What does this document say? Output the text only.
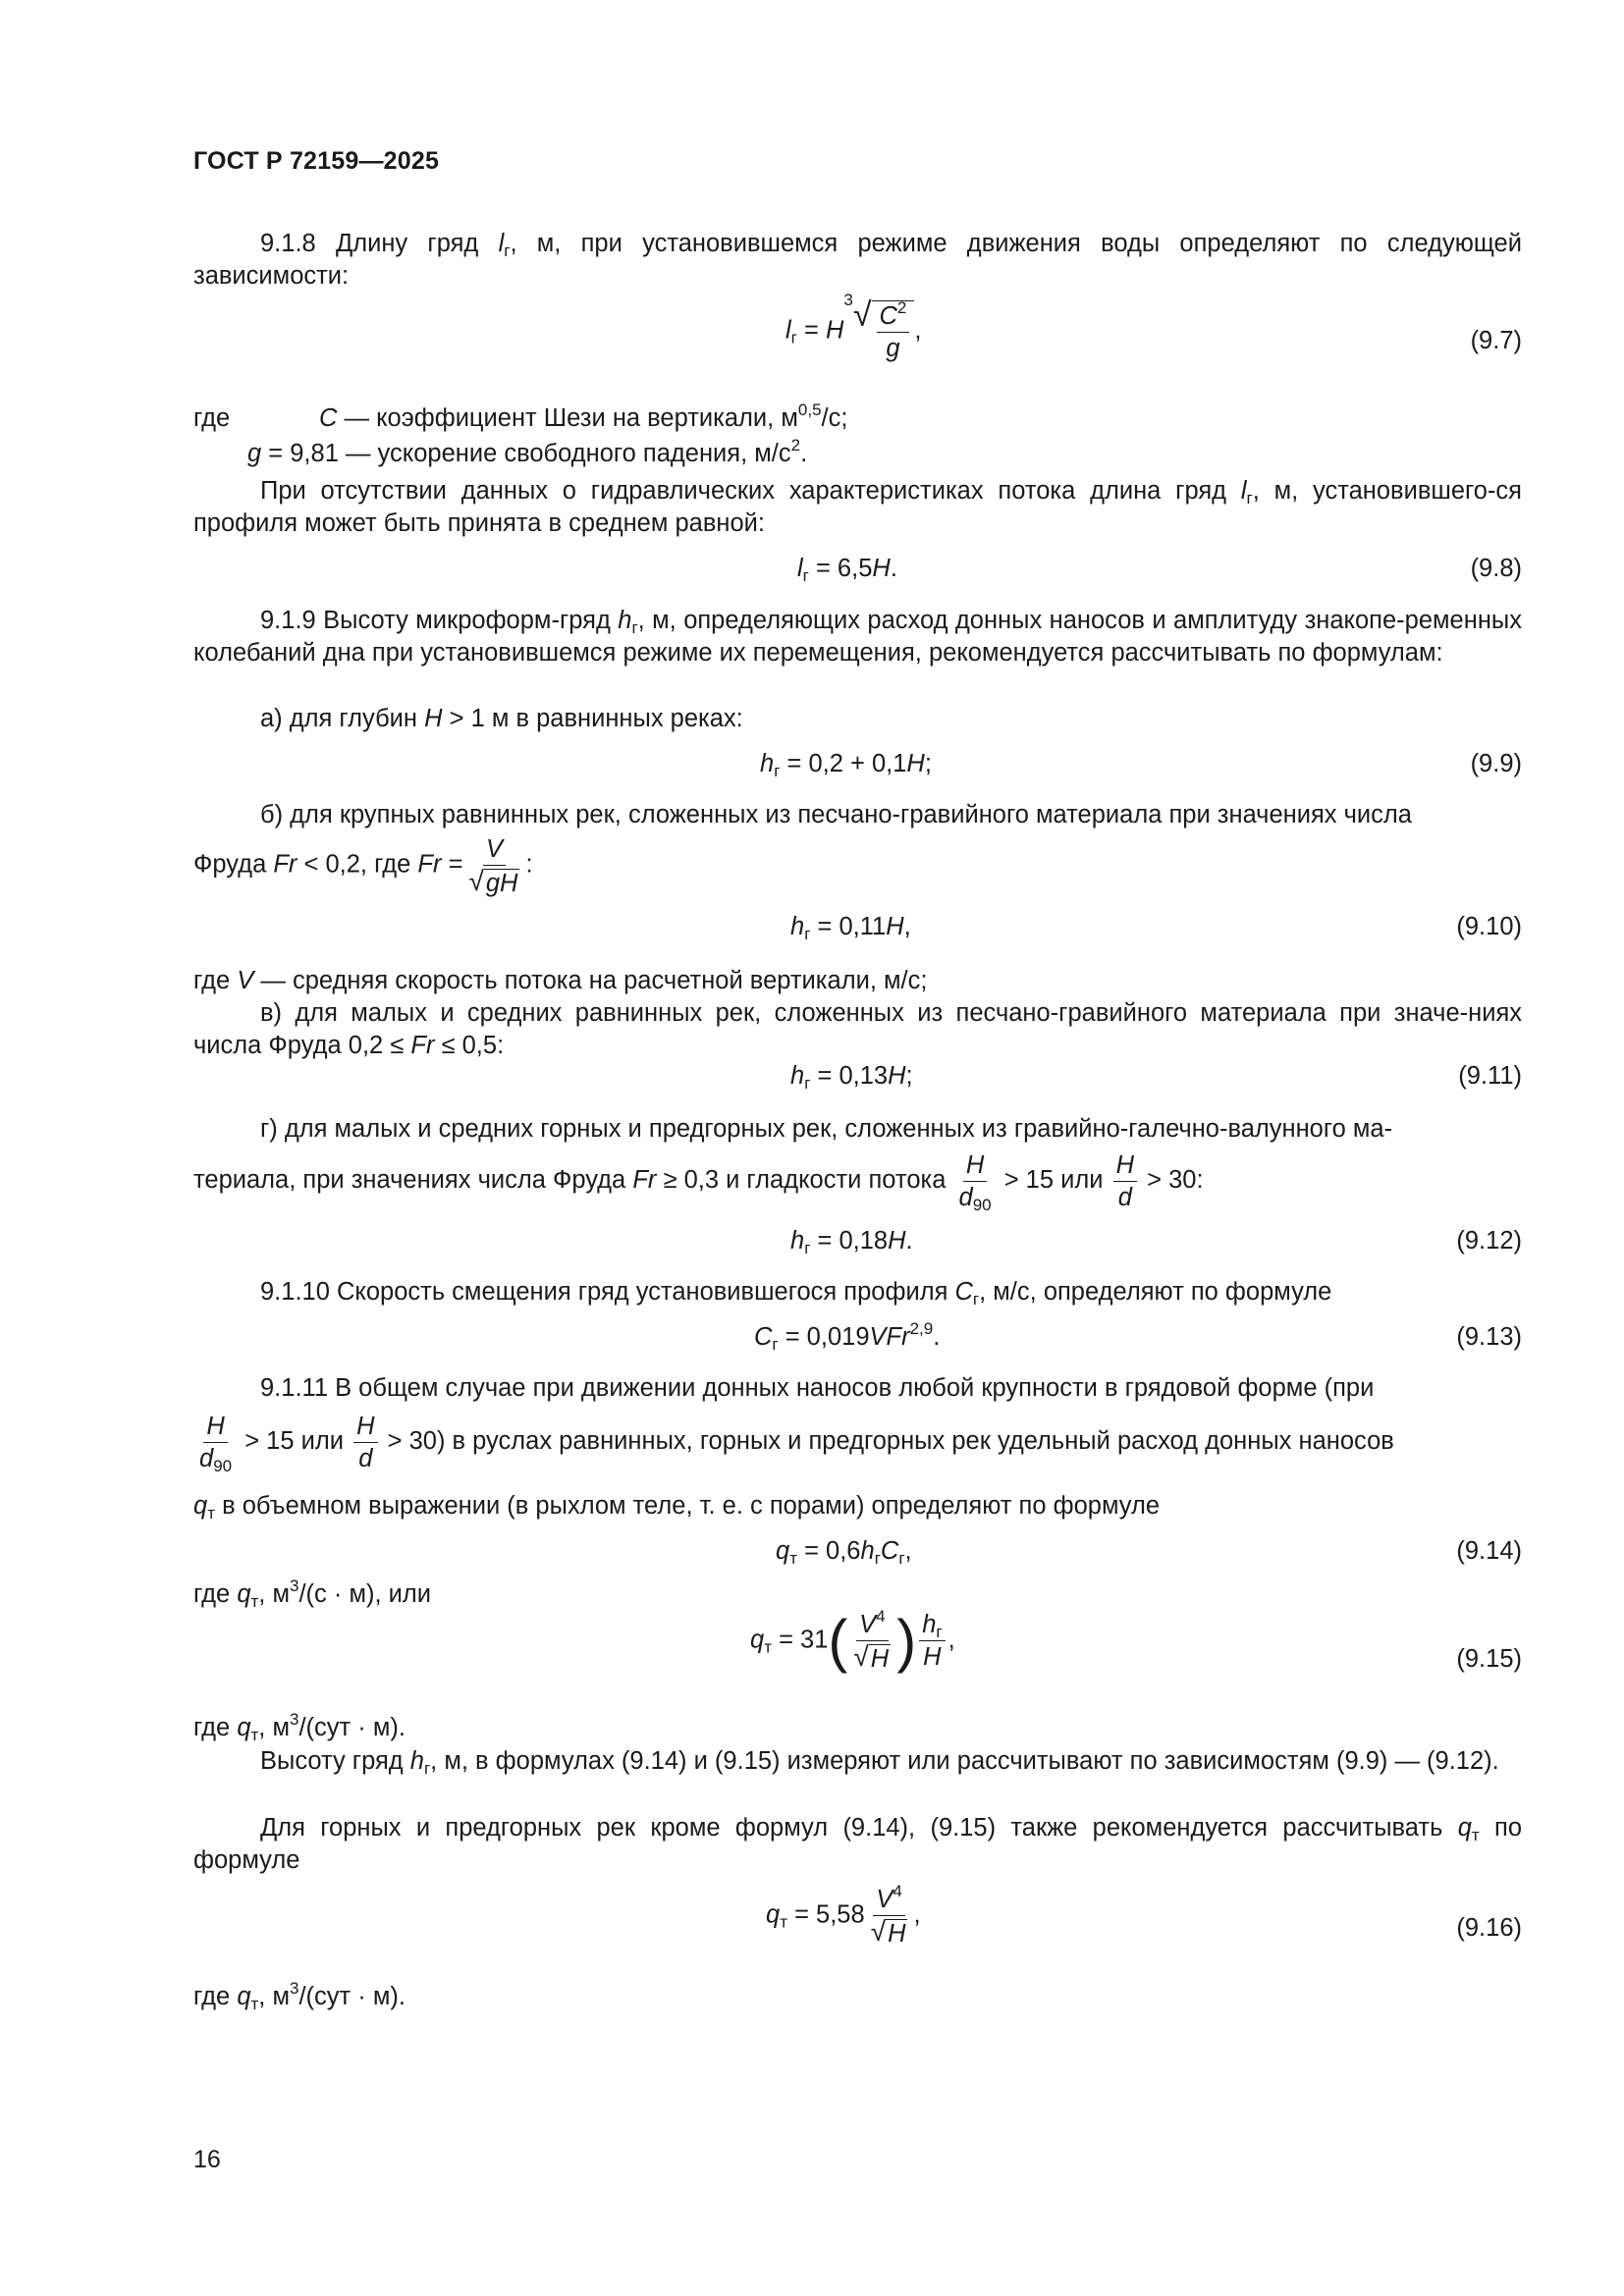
ГОСТ Р 72159—2025
9.1.8 Длину гряд $l_г$, м, при установившемся режиме движения воды определяют по следующей зависимости:
$l_г = H$
3 √ $\frac{C^2}{g}$ ,	(9.7)
где	C — коэффициент Шези на вертикали, $м^{0,5}/с$;
g = 9,81 — ускорение свободного падения, $м/с^2$.
При отсутствии данных о гидравлических характеристиках потока длина гряд $l_г$, м, установившего-ся профиля может быть принята в среднем равной:
$l_г = 6,5H$.	(9.8)
9.1.9 Высоту микроформ-гряд $h_г$, м, определяющих расход донных наносов и амплитуду знакопе-ременных колебаний дна при установившемся режиме их перемещения, рекомендуется рассчитывать по формулам:
а) для глубин H > 1 м в равнинных реках:
$h_г = 0,2 + 0,1H$;	(9.9)
б) для крупных равнинных рек, сложенных из песчано-гравийного материала при значениях числа
Фруда Fr < 0,2, где $Fr = \frac{V}{√ gH}$ :
$h_г = 0,11H$,	(9.10)
где V — средняя скорость потока на расчетной вертикали, м/с;
в) для малых и средних равнинных рек, сложенных из песчано-гравийного материала при значе-ниях числа Фруда 0,2 ≤ Fr ≤ 0,5:
$h_г = 0,13H$;	(9.11)
г) для малых и средних горных и предгорных рек, сложенных из гравийно-галечно-валунного ма-
териала, при значениях числа Фруда Fr ≥ 0,3 и гладкости потока $\frac{H}{d_{90}} > 15$ или $\frac{H}{d} > 30$:
$h_г = 0,18H$.	(9.12)
9.1.10 Скорость смещения гряд установившегося профиля $C_г$, м/с, определяют по формуле
$C_г = 0,019VFr^{2,9}$.	(9.13)
9.1.11 В общем случае при движении донных наносов любой крупности в грядовой форме (при
$\frac{H}{d_{90}} > 15$ или $\frac{H}{d} > 30$) в руслах равнинных, горных и предгорных рек удельный расход донных наносов
$q_т$ в объемном выражении (в рыхлом теле, т. е. с порами) определяют по формуле
$q_т = 0,6h_гC_г$,	(9.14)
где $q_т$, $м^3/(с \cdot м)$, или
$q_т = 31( \frac{V^4}{√ H}$ ) $\frac{h_г}{H}$ ,
(9.15)
где $q_т$, $м^3/(сут \cdot м)$.
Высоту гряд $h_г$, м, в формулах (9.14) и (9.15) измеряют или рассчитывают по зависимостям (9.9) — (9.12).
Для горных и предгорных рек кроме формул (9.14), (9.15) также рекомендуется рассчитывать $q_т$ по формуле
$q_т = 5,58 \frac{V^4}{√ H}$ ,	(9.16)
где $q_т$, $м^3/(сут \cdot м)$.
16
